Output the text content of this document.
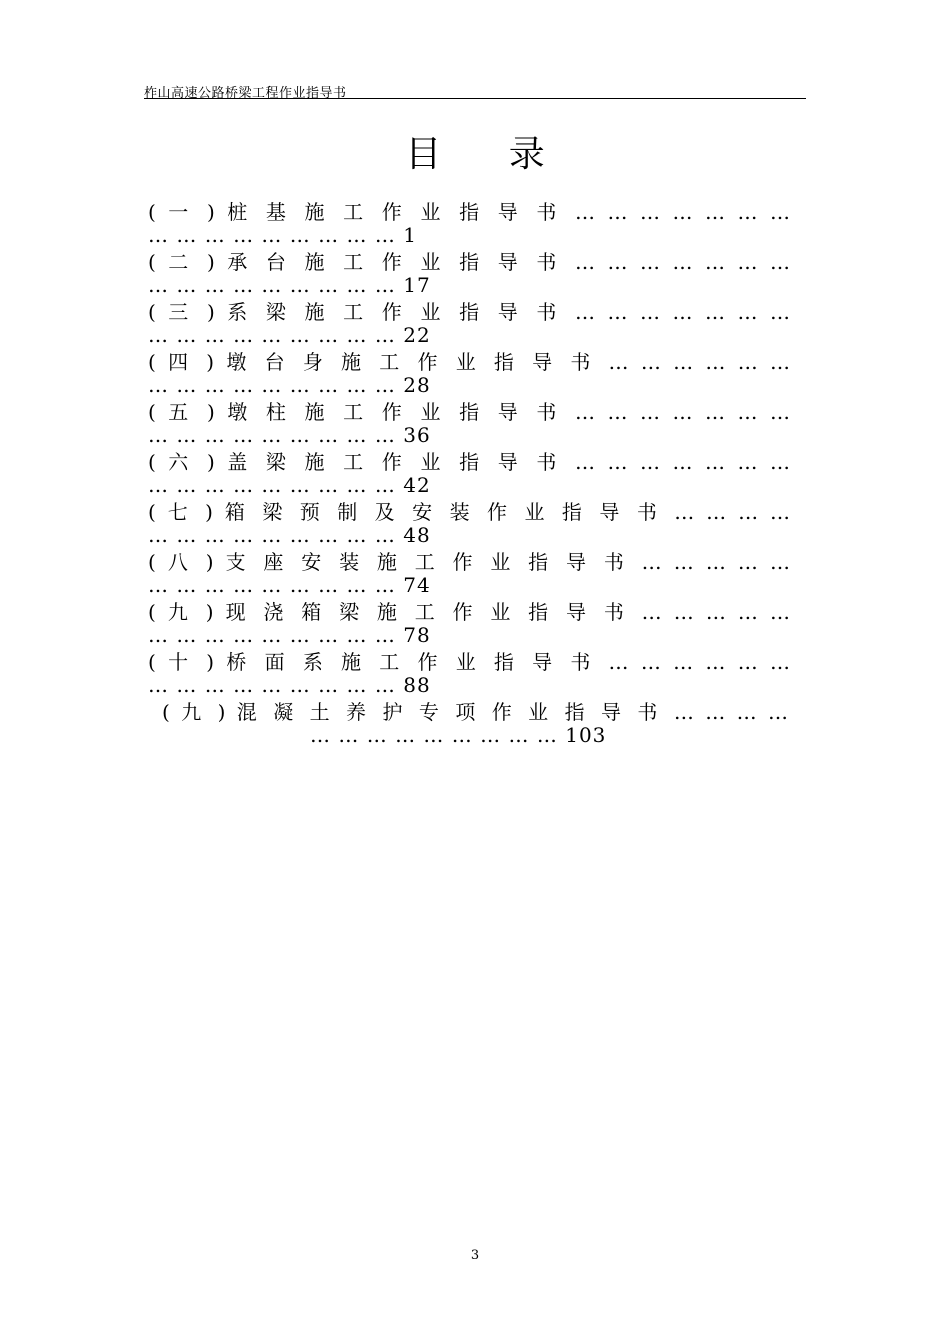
柞山高速公路桥梁工程作业指导书
目 录
( 一 ) 桩 基 施 工 作 业 指 导 书 … … … … … … …
… … … … … … … … … 1
( 二 ) 承 台 施 工 作 业 指 导 书 … … … … … … …
… … … … … … … … … 17
( 三 ) 系 梁 施 工 作 业 指 导 书 … … … … … … …
… … … … … … … … … 22
( 四 ) 墩 台 身 施 工 作 业 指 导 书 … … … … … …
… … … … … … … … … 28
( 五 ) 墩 柱 施 工 作 业 指 导 书 … … … … … … …
… … … … … … … … … 36
( 六 ) 盖 梁 施 工 作 业 指 导 书 … … … … … … …
… … … … … … … … … 42
( 七 ) 箱 梁 预 制 及 安 装 作 业 指 导 书 … … … …
… … … … … … … … … 48
( 八 ) 支 座 安 装 施 工 作 业 指 导 书 … … … … …
… … … … … … … … … 74
( 九 ) 现 浇 箱 梁 施 工 作 业 指 导 书 … … … … …
… … … … … … … … … 78
( 十 ) 桥 面 系 施 工 作 业 指 导 书 … … … … … …
… … … … … … … … … 88
( 九 ) 混 凝 土 养 护 专 项 作 业 指 导 书 … … … …
… … … … … … … … … 103
3
